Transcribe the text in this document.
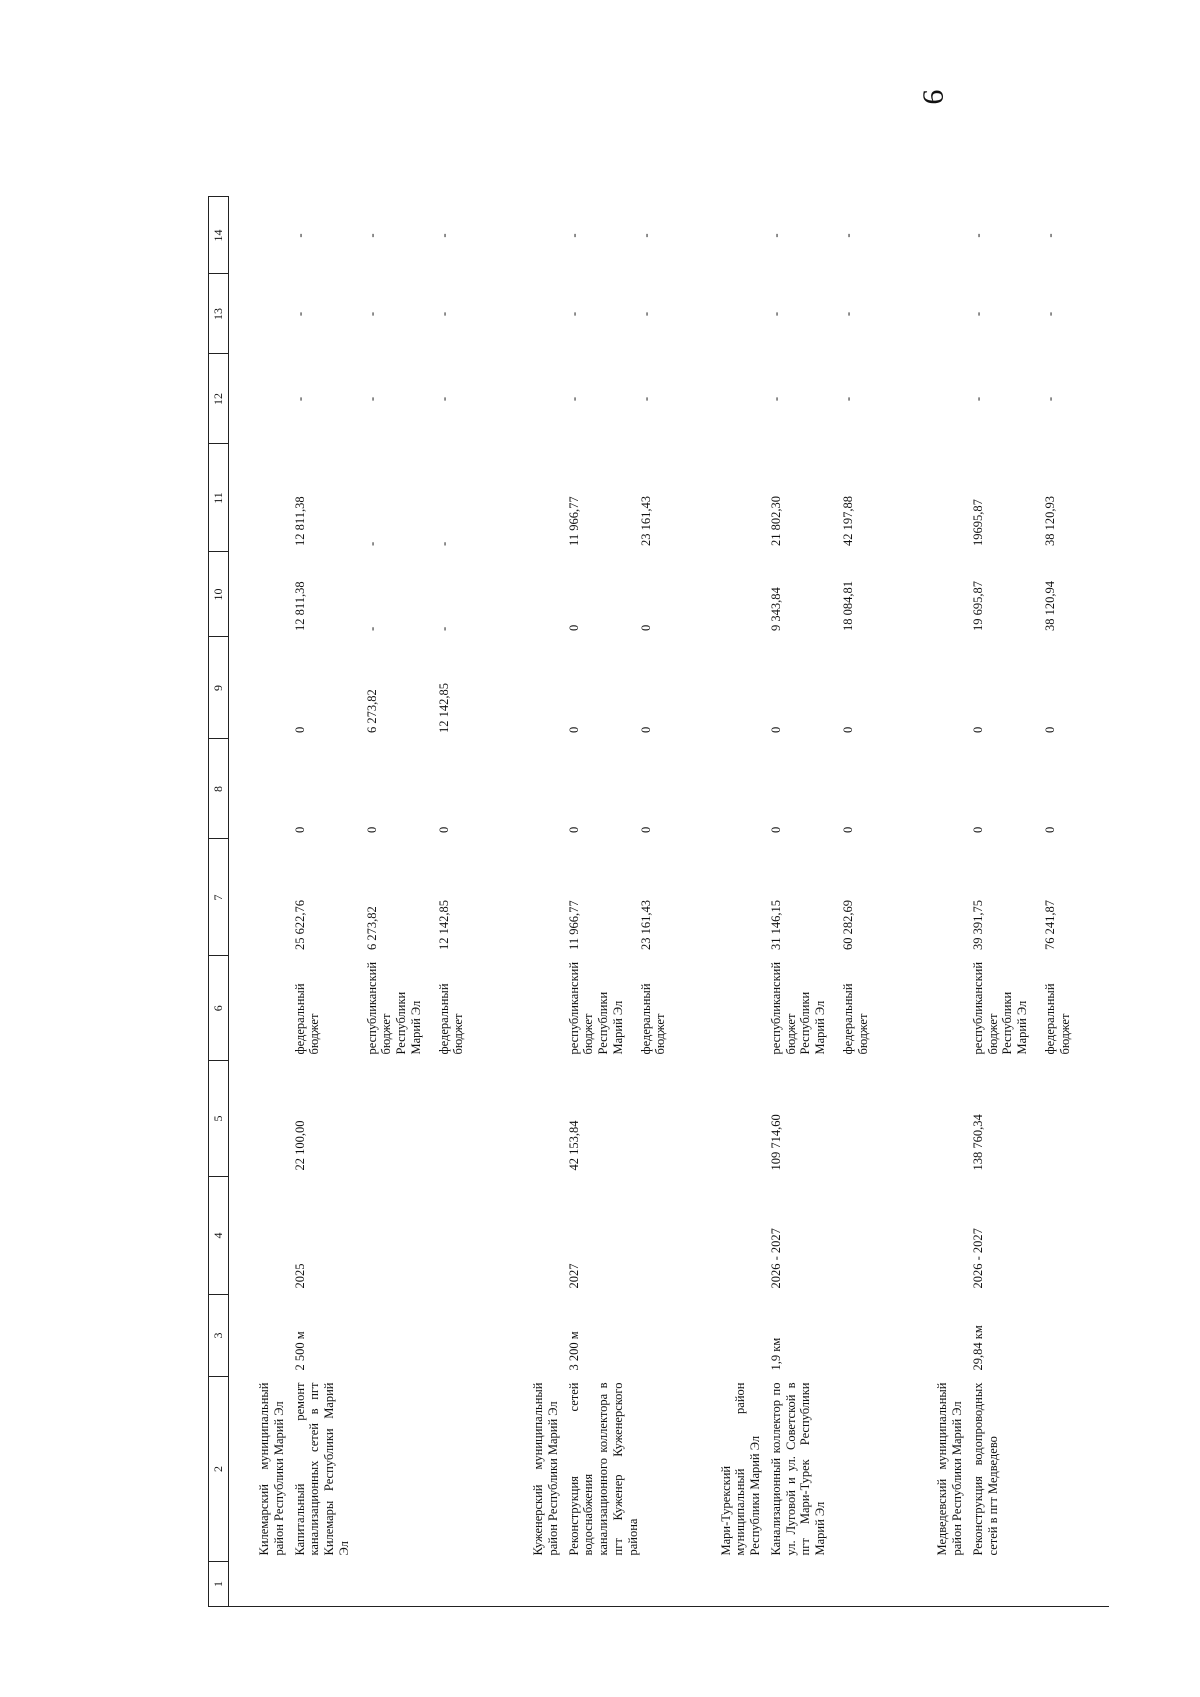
9
1	2	3	4	5	6	7	8	9	10	11	12	13	14
	Килемарский муниципальный район Республики Марий Эл												
	Капитальный ремонт канализационных сетей в пгт Килемары Республики Марий Эл	2 500 м	2025	22 100,00	федеральный бюджет	25 622,76	0	0	12 811,38	12 811,38	-	-	-
					республиканский бюджет Республики Марий Эл	6 273,82	0	6 273,82	-	-	-	-	-
					федеральный бюджет	12 142,85	0	12 142,85	-	-	-	-	-
	Куженерский муниципальный район Республики Марий Эл												
	Реконструкция сетей водоснабжения канализационного коллектора в пгт Куженер Куженерского района	3 200 м	2027	42 153,84	республиканский бюджет Республики Марий Эл	11 966,77	0	0	0	11 966,77	-	-	-
					федеральный бюджет	23 161,43	0	0	0	23 161,43	-	-	-
	Мари-Турекский муниципальный район Республики Марий Эл												
	Канализационный коллектор по ул. Луговой и ул. Советской в пгт Мари-Турек Республики Марий Эл	1,9 км	2026 - 2027	109 714,60	республиканский бюджет Республики Марий Эл	31 146,15	0	0	9 343,84	21 802,30	-	-	-
					федеральный бюджет	60 282,69	0	0	18 084,81	42 197,88	-	-	-
	Медведевский муниципальный район Республики Марий Эл												
	Реконструкция водопроводных сетей в пгт Медведево	29,84 км	2026 - 2027	138 760,34	республиканский бюджет Республики Марий Эл	39 391,75	0	0	19 695,87	19695,87	-	-	-
					федеральный бюджет	76 241,87	0	0	38 120,94	38 120,93	-	-	-
